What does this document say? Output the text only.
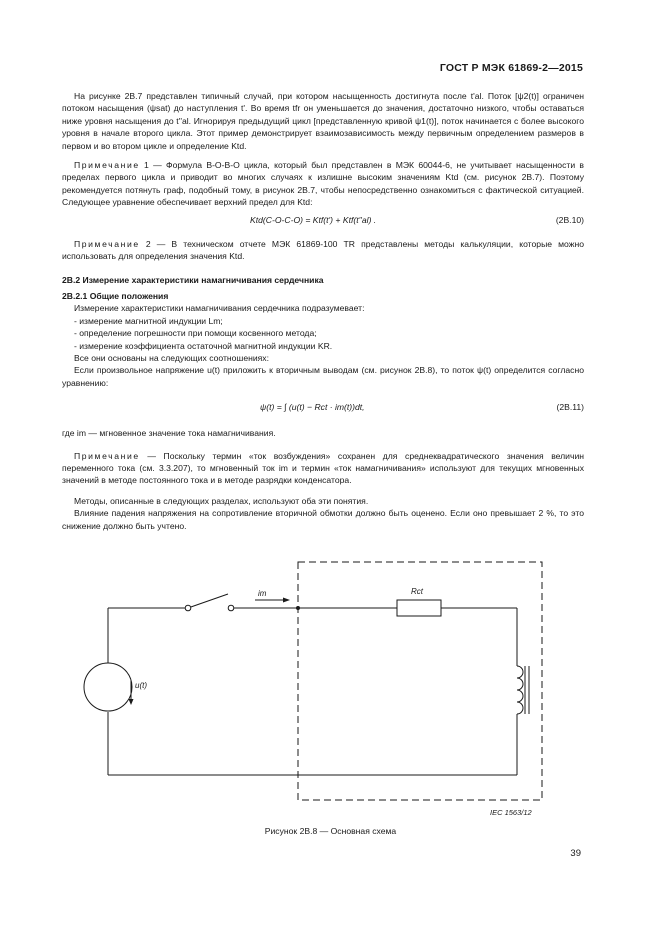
ГОСТ Р МЭК 61869-2—2015

На рисунке 2В.7 представлен типичный случай, при котором насыщенность достигнута после t'al. Поток [ψ2(t)] ограничен потоком насыщения (ψsat) до наступления t'. Во время tfr он уменьшается до значения, достаточно низкого, чтобы оставаться ниже уровня насыщения до t''al. Игнорируя предыдущий цикл [представленную кривой ψ1(t)], поток начинается с более высокого уровня в начале второго цикла. Этот пример демонстрирует взаимозависимость между первичным определением размеров в первом и во втором цикле и определение Ktd.

Примечание 1 — Формула В-О-В-О цикла, который был представлен в МЭК 60044-6, не учитывает насыщенности в пределах первого цикла и приводит во многих случаях к излишне высоким значениям Ktd (см. рисунок 2В.7). Поэтому рекомендуется потянуть граф, подобный тому, в рисунок 2В.7, чтобы непосредственно ознакомиться с фактической ситуацией. Следующее уравнение обеспечивает верхний предел для Ktd:

Ktd(C-O-C-O) = Ktf(t') + Ktf(t''al) .	(2В.10)

Примечание 2 — В техническом отчете МЭК 61869-100 TR представлены методы калькуляции, которые можно использовать для определения значения Ktd.

2В.2 Измерение характеристики намагничивания сердечника

2В.2.1 Общие положения

Измерение характеристики намагничивания сердечника подразумевает:

- измерение магнитной индукции Lm;

- определение погрешности при помощи косвенного метода;

- измерение коэффициента остаточной магнитной индукции KR.

Все они основаны на следующих соотношениях:

Если произвольное напряжение u(t) приложить к вторичным выводам (см. рисунок 2В.8), то поток ψ(t) определится согласно уравнению:

ψ(t) = ∫ (u(t) − Rct · im(t))dt,	(2В.11)

где im — мгновенное значение тока намагничивания.

Примечание — Поскольку термин «ток возбуждения» сохранен для среднеквадратического значения величин переменного тока (см. 3.3.207), то мгновенный ток im и термин «ток намагничивания» используют для текущих мгновенных значений в методе постоянного тока и в методе разрядки конденсатора.

Методы, описанные в следующих разделах, используют оба эти понятия.

Влияние падения напряжения на сопротивление вторичной обмотки должно быть оценено. Если оно превышает 2 %, то это снижение должно быть учтено.

im	Rct
u(t)
IEC 1563/12
Рисунок 2В.8 — Основная схема
39
